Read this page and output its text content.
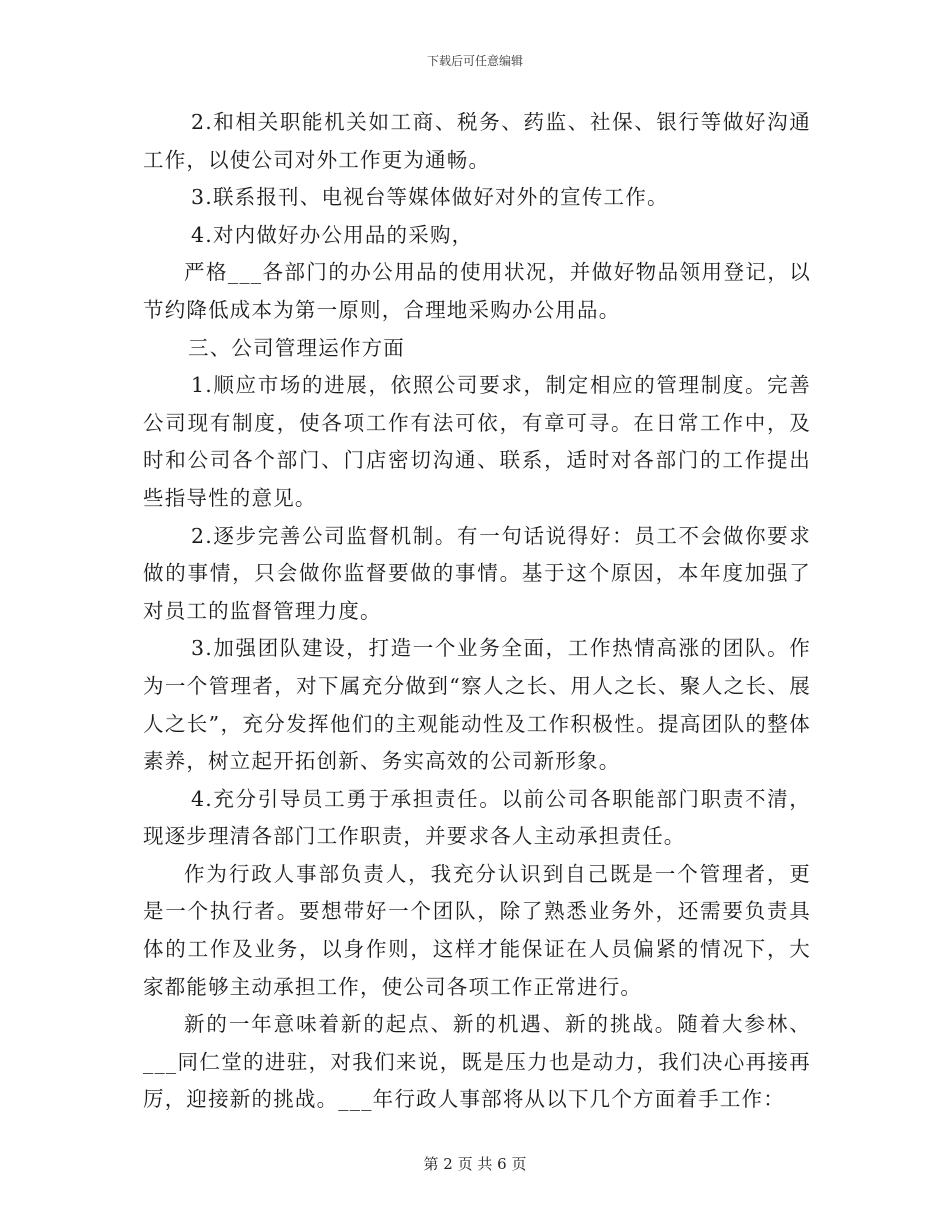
下载后可任意编辑

2.和相关职能机关如工商、税务、药监、社保、银行等做好沟通工作，以使公司对外工作更为通畅。

3.联系报刊、电视台等媒体做好对外的宣传工作。

4.对内做好办公用品的采购，

严格___各部门的办公用品的使用状况，并做好物品领用登记，以节约降低成本为第一原则，合理地采购办公用品。

三、公司管理运作方面

1.顺应市场的进展，依照公司要求，制定相应的管理制度。完善公司现有制度，使各项工作有法可依，有章可寻。在日常工作中，及时和公司各个部门、门店密切沟通、联系，适时对各部门的工作提出些指导性的意见。

2.逐步完善公司监督机制。有一句话说得好：员工不会做你要求做的事情，只会做你监督要做的事情。基于这个原因，本年度加强了对员工的监督管理力度。

3.加强团队建设，打造一个业务全面，工作热情高涨的团队。作为一个管理者，对下属充分做到“察人之长、用人之长、聚人之长、展人之长”，充分发挥他们的主观能动性及工作积极性。提高团队的整体素养，树立起开拓创新、务实高效的公司新形象。

4.充分引导员工勇于承担责任。以前公司各职能部门职责不清，现逐步理清各部门工作职责，并要求各人主动承担责任。

作为行政人事部负责人，我充分认识到自己既是一个管理者，更是一个执行者。要想带好一个团队，除了熟悉业务外，还需要负责具体的工作及业务，以身作则，这样才能保证在人员偏紧的情况下，大家都能够主动承担工作，使公司各项工作正常进行。

新的一年意味着新的起点、新的机遇、新的挑战。随着大参林、___同仁堂的进驻，对我们来说，既是压力也是动力，我们决心再接再厉，迎接新的挑战。___年行政人事部将从以下几个方面着手工作：

第 2 页 共 6 页
